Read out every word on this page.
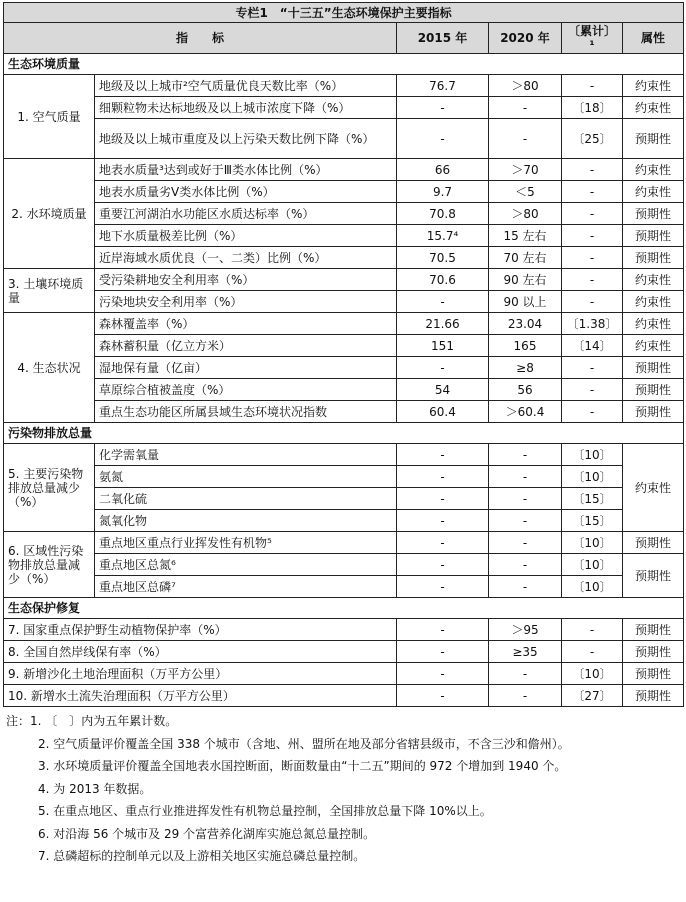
专栏1　“十三五”生态环境保护主要指标					
指　　标		2015 年	2020 年	〔累计〕¹	属性
生态环境质量					
1. 空气质量	地级及以上城市²空气质量优良天数比率（%）	76.7	＞80	-	约束性
	细颗粒物未达标地级及以上城市浓度下降（%）	-	-	〔18〕	约束性
	地级及以上城市重度及以上污染天数比例下降（%）	-	-	〔25〕	预期性
2. 水环境质量	地表水质量³达到或好于Ⅲ类水体比例（%）	66	＞70	-	约束性
	地表水质量劣Ⅴ类水体比例（%）	9.7	＜5	-	约束性
	重要江河湖泊水功能区水质达标率（%）	70.8	＞80	-	预期性
	地下水质量极差比例（%）	15.7⁴	15 左右	-	预期性
	近岸海域水质优良（一、二类）比例（%）	70.5	70 左右	-	预期性
3. 土壤环境质量	受污染耕地安全利用率（%）	70.6	90 左右	-	约束性
	污染地块安全利用率（%）	-	90 以上	-	约束性
4. 生态状况	森林覆盖率（%）	21.66	23.04	〔1.38〕	约束性
	森林蓄积量（亿立方米）	151	165	〔14〕	约束性
	湿地保有量（亿亩）	-	≥8	-	预期性
	草原综合植被盖度（%）	54	56	-	预期性
	重点生态功能区所属县域生态环境状况指数	60.4	＞60.4	-	预期性
污染物排放总量					
5. 主要污染物排放总量减少（%）	化学需氧量	-	-	〔10〕	约束性
	氨氮	-	-	〔10〕	
	二氧化硫	-	-	〔15〕	
	氮氧化物	-	-	〔15〕	
6. 区域性污染物排放总量减少（%）	重点地区重点行业挥发性有机物⁵	-	-	〔10〕	预期性
	重点地区总氮⁶	-	-	〔10〕	预期性
	重点地区总磷⁷	-	-	〔10〕	
生态保护修复					
7. 国家重点保护野生动植物保护率（%）		-	＞95	-	预期性
8. 全国自然岸线保有率（%）		-	≥35	-	预期性
9. 新增沙化土地治理面积（万平方公里）		-	-	〔10〕	预期性
10. 新增水土流失治理面积（万平方公里）		-	-	〔27〕	预期性
注：1. 〔　〕内为五年累计数。
2. 空气质量评价覆盖全国 338 个城市（含地、州、盟所在地及部分省辖县级市，不含三沙和儋州）。
3. 水环境质量评价覆盖全国地表水国控断面，断面数量由“十二五”期间的 972 个增加到 1940 个。
4. 为 2013 年数据。
5. 在重点地区、重点行业推进挥发性有机物总量控制，全国排放总量下降 10%以上。
6. 对沿海 56 个城市及 29 个富营养化湖库实施总氮总量控制。
7. 总磷超标的控制单元以及上游相关地区实施总磷总量控制。
